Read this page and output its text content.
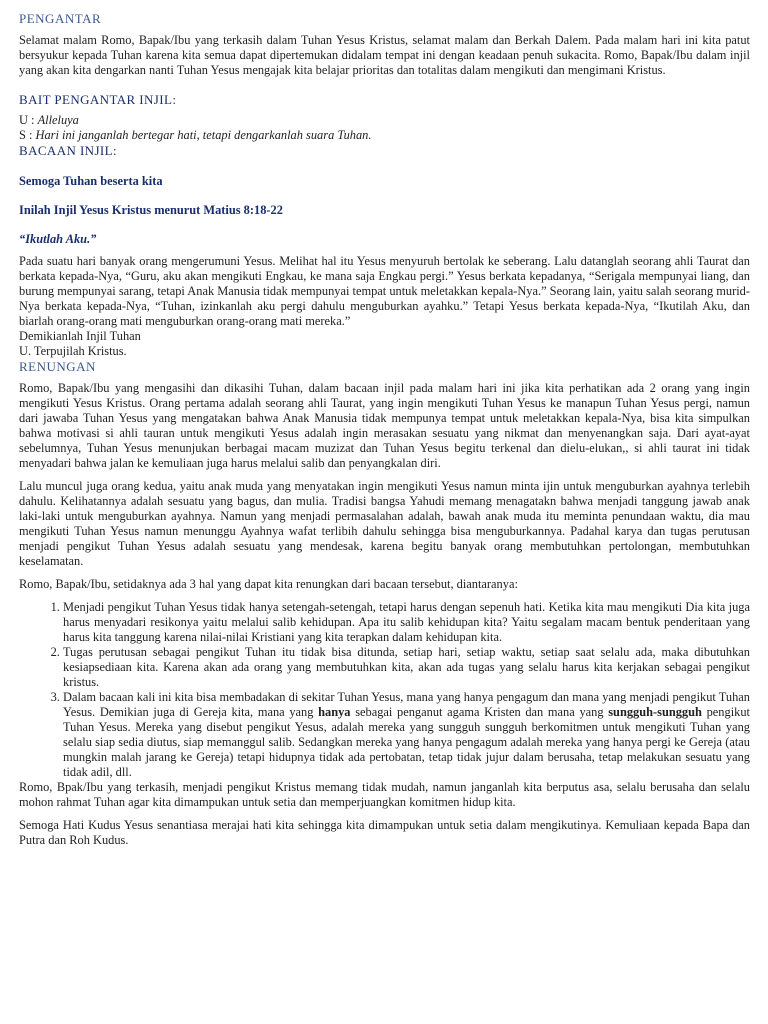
PENGANTAR

Selamat malam Romo, Bapak/Ibu yang terkasih dalam Tuhan Yesus Kristus, selamat malam dan Berkah Dalem. Pada malam hari ini kita patut bersyukur kepada Tuhan karena kita semua dapat dipertemukan didalam tempat ini dengan keadaan penuh sukacita. Romo, Bapak/Ibu dalam injil yang akan kita dengarkan nanti Tuhan Yesus mengajak kita belajar prioritas dan totalitas dalam mengikuti dan mengimani Kristus.

BAIT PENGANTAR INJIL:
U : Alleluya
S : Hari ini janganlah bertegar hati, tetapi dengarkanlah suara Tuhan.
BACAAN INJIL:
Semoga Tuhan beserta kita
Inilah Injil Yesus Kristus menurut Matius 8:18-22
“Ikutlah Aku.”

Pada suatu hari banyak orang mengerumuni Yesus. Melihat hal itu Yesus menyuruh bertolak ke seberang. Lalu datanglah seorang ahli Taurat dan berkata kepada-Nya, “Guru, aku akan mengikuti Engkau, ke mana saja Engkau pergi.” Yesus berkata kepadanya, “Serigala mempunyai liang, dan burung mempunyai sarang, tetapi Anak Manusia tidak mempunyai tempat untuk meletakkan kepala-Nya.” Seorang lain, yaitu salah seorang murid-Nya berkata kepada-Nya, “Tuhan, izinkanlah aku pergi dahulu menguburkan ayahku.” Tetapi Yesus berkata kepada-Nya, “Ikutilah Aku, dan biarlah orang-orang mati menguburkan orang-orang mati mereka.”

Demikianlah Injil Tuhan
U. Terpujilah Kristus.
RENUNGAN

Romo, Bapak/Ibu yang mengasihi dan dikasihi Tuhan, dalam bacaan injil pada malam hari ini jika kita perhatikan ada 2 orang yang ingin mengikuti Yesus Kristus. Orang pertama adalah seorang ahli Taurat, yang ingin mengikuti Tuhan Yesus ke manapun Tuhan Yesus pergi, namun dari jawaba Tuhan Yesus yang mengatakan bahwa Anak Manusia tidak mempunya tempat untuk meletakkan kepala-Nya, bisa kita simpulkan bahwa motivasi si ahli tauran untuk mengikuti Yesus adalah ingin merasakan sesuatu yang nikmat dan menyenangkan saja. Dari ayat-ayat sebelumnya, Tuhan Yesus menunjukan berbagai macam muzizat dan Tuhan Yesus begitu terkenal dan dielu-elukan,, si ahli taurat ini tidak menyadari bahwa jalan ke kemuliaan juga harus melalui salib dan penyangkalan diri.

Lalu muncul juga orang kedua, yaitu anak muda yang menyatakan ingin mengikuti Yesus namun minta ijin untuk menguburkan ayahnya terlebih dahulu. Kelihatannya adalah sesuatu yang bagus, dan mulia. Tradisi bangsa Yahudi memang menagatakn bahwa menjadi tanggung jawab anak laki-laki untuk menguburkan ayahnya. Namun yang menjadi permasalahan adalah, bawah anak muda itu meminta penundaan waktu, dia mau mengikuti Tuhan Yesus namun menunggu Ayahnya wafat terlibih dahulu sehingga bisa menguburkannya. Padahal karya dan tugas perutusan menjadi pengikut Tuhan Yesus adalah sesuatu yang mendesak, karena begitu banyak orang membutuhkan pertolongan, membutuhkan keselamatan.

Romo, Bapak/Ibu, setidaknya ada 3 hal yang dapat kita renungkan dari bacaan tersebut, diantaranya:

1. Menjadi pengikut Tuhan Yesus tidak hanya setengah-setengah, tetapi harus dengan sepenuh hati. Ketika kita mau mengikuti Dia kita juga harus menyadari resikonya yaitu melalui salib kehidupan. Apa itu salib kehidupan kita? Yaitu segalam macam bentuk penderitaan yang harus kita tanggung karena nilai-nilai Kristiani yang kita terapkan dalam kehidupan kita.
2. Tugas perutusan sebagai pengikut Tuhan itu tidak bisa ditunda, setiap hari, setiap waktu, setiap saat selalu ada, maka dibutuhkan kesiapsediaan kita. Karena akan ada orang yang membutuhkan kita, akan ada tugas yang selalu harus kita kerjakan sebagai pengikut kristus.
3. Dalam bacaan kali ini kita bisa membadakan di sekitar Tuhan Yesus, mana yang hanya pengagum dan mana yang menjadi pengikut Tuhan Yesus. Demikian juga di Gereja kita, mana yang hanya sebagai penganut agama Kristen dan mana yang sungguh-sungguh pengikut Tuhan Yesus. Mereka yang disebut pengikut Yesus, adalah mereka yang sungguh sungguh berkomitmen untuk mengikuti Tuhan yang selalu siap sedia diutus, siap memanggul salib. Sedangkan mereka yang hanya pengagum adalah mereka yang hanya pergi ke Gereja (atau mungkin malah jarang ke Gereja) tetapi hidupnya tidak ada pertobatan, tetap tidak jujur dalam berusaha, tetap melakukan sesuatu yang tidak adil, dll.

Romo, Bpak/Ibu yang terkasih, menjadi pengikut Kristus memang tidak mudah, namun janganlah kita berputus asa, selalu berusaha dan selalu mohon rahmat Tuhan agar kita dimampukan untuk setia dan memperjuangkan komitmen hidup kita.

Semoga Hati Kudus Yesus senantiasa merajai hati kita sehingga kita dimampukan untuk setia dalam mengikutinya. Kemuliaan kepada Bapa dan Putra dan Roh Kudus.
